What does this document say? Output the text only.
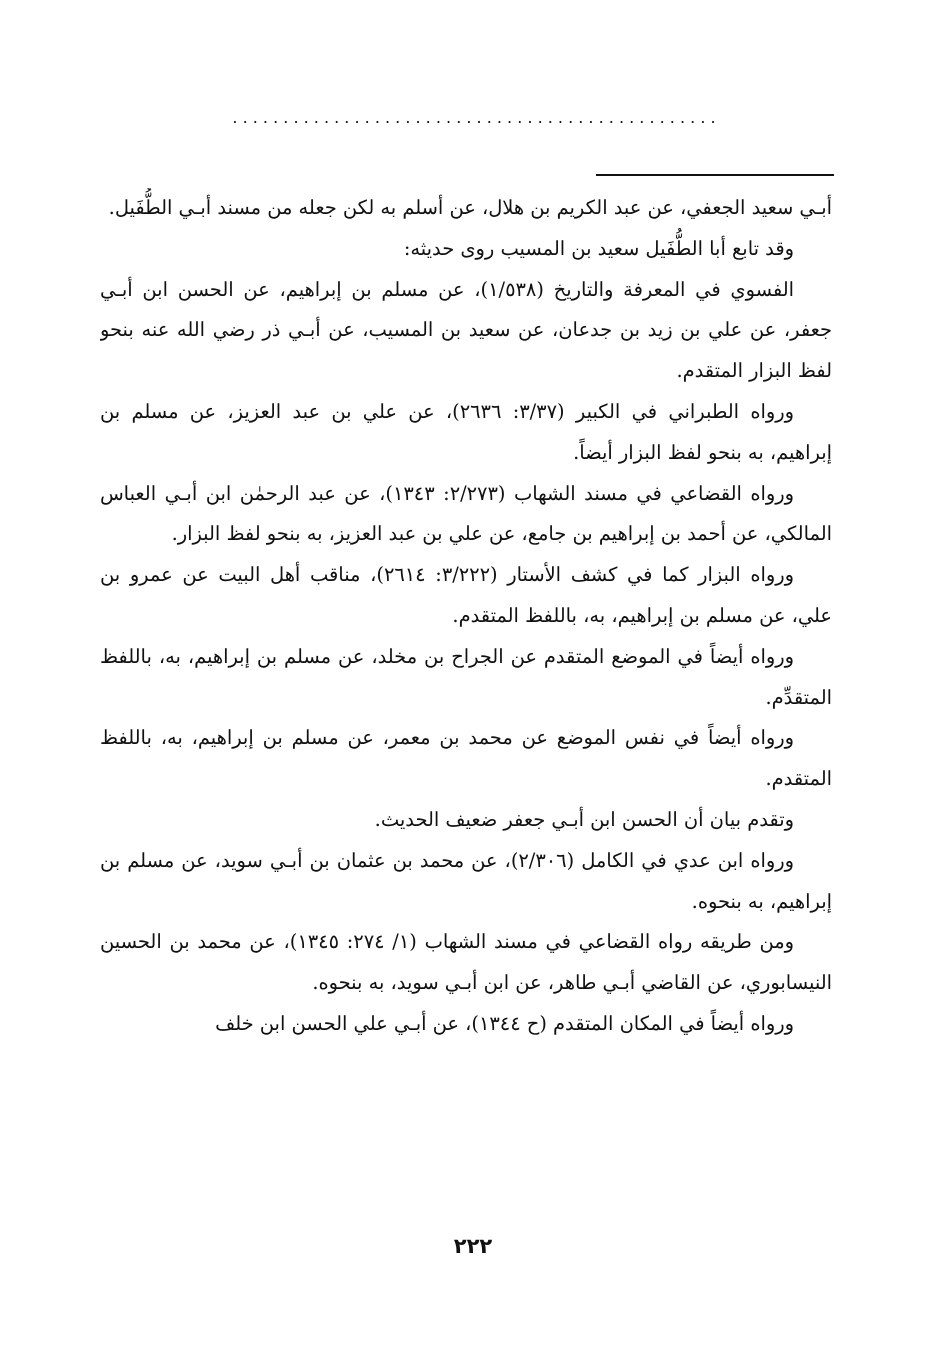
. . . . . . . . . . . . . . . . . . . . . . . . . . . . . . . . . . . . . . . . . . . . . . . .

أبـي سعيد الجعفي، عن عبد الكريم بن هلال، عن أسلم به لكن جعله من مسند أبـي الطُّفَيل.

وقد تابع أبا الطُّفَيل سعيد بن المسيب روى حديثه:

الفسوي في المعرفة والتاريخ (١/٥٣٨)، عن مسلم بن إبراهيم، عن الحسن ابن أبـي جعفر، عن علي بن زيد بن جدعان، عن سعيد بن المسيب، عن أبـي ذر رضي الله عنه بنحو لفظ البزار المتقدم.

ورواه الطبراني في الكبير (٣/٣٧: ٢٦٣٦)، عن علي بن عبد العزيز، عن مسلم بن إبراهيم، به بنحو لفظ البزار أيضاً.

ورواه القضاعي في مسند الشهاب (٢/٢٧٣: ١٣٤٣)، عن عبد الرحمٰن ابن أبـي العباس المالكي، عن أحمد بن إبراهيم بن جامع، عن علي بن عبد العزيز، به بنحو لفظ البزار.

ورواه البزار كما في كشف الأستار (٣/٢٢٢: ٢٦١٤)، مناقب أهل البيت عن عمرو بن علي، عن مسلم بن إبراهيم، به، باللفظ المتقدم.

ورواه أيضاً في الموضع المتقدم عن الجراح بن مخلد، عن مسلم بن إبراهيم، به، باللفظ المتقدِّم.

ورواه أيضاً في نفس الموضع عن محمد بن معمر، عن مسلم بن إبراهيم، به، باللفظ المتقدم.

وتقدم بيان أن الحسن ابن أبـي جعفر ضعيف الحديث.

ورواه ابن عدي في الكامل (٢/٣٠٦)، عن محمد بن عثمان بن أبـي سويد، عن مسلم بن إبراهيم، به بنحوه.

ومن طريقه رواه القضاعي في مسند الشهاب (١/ ٢٧٤: ١٣٤٥)، عن محمد بن الحسين النيسابوري، عن القاضي أبـي طاهر، عن ابن أبـي سويد، به بنحوه.

ورواه أيضاً في المكان المتقدم (ح ١٣٤٤)، عن أبـي علي الحسن ابن خلف

٢٢٢
